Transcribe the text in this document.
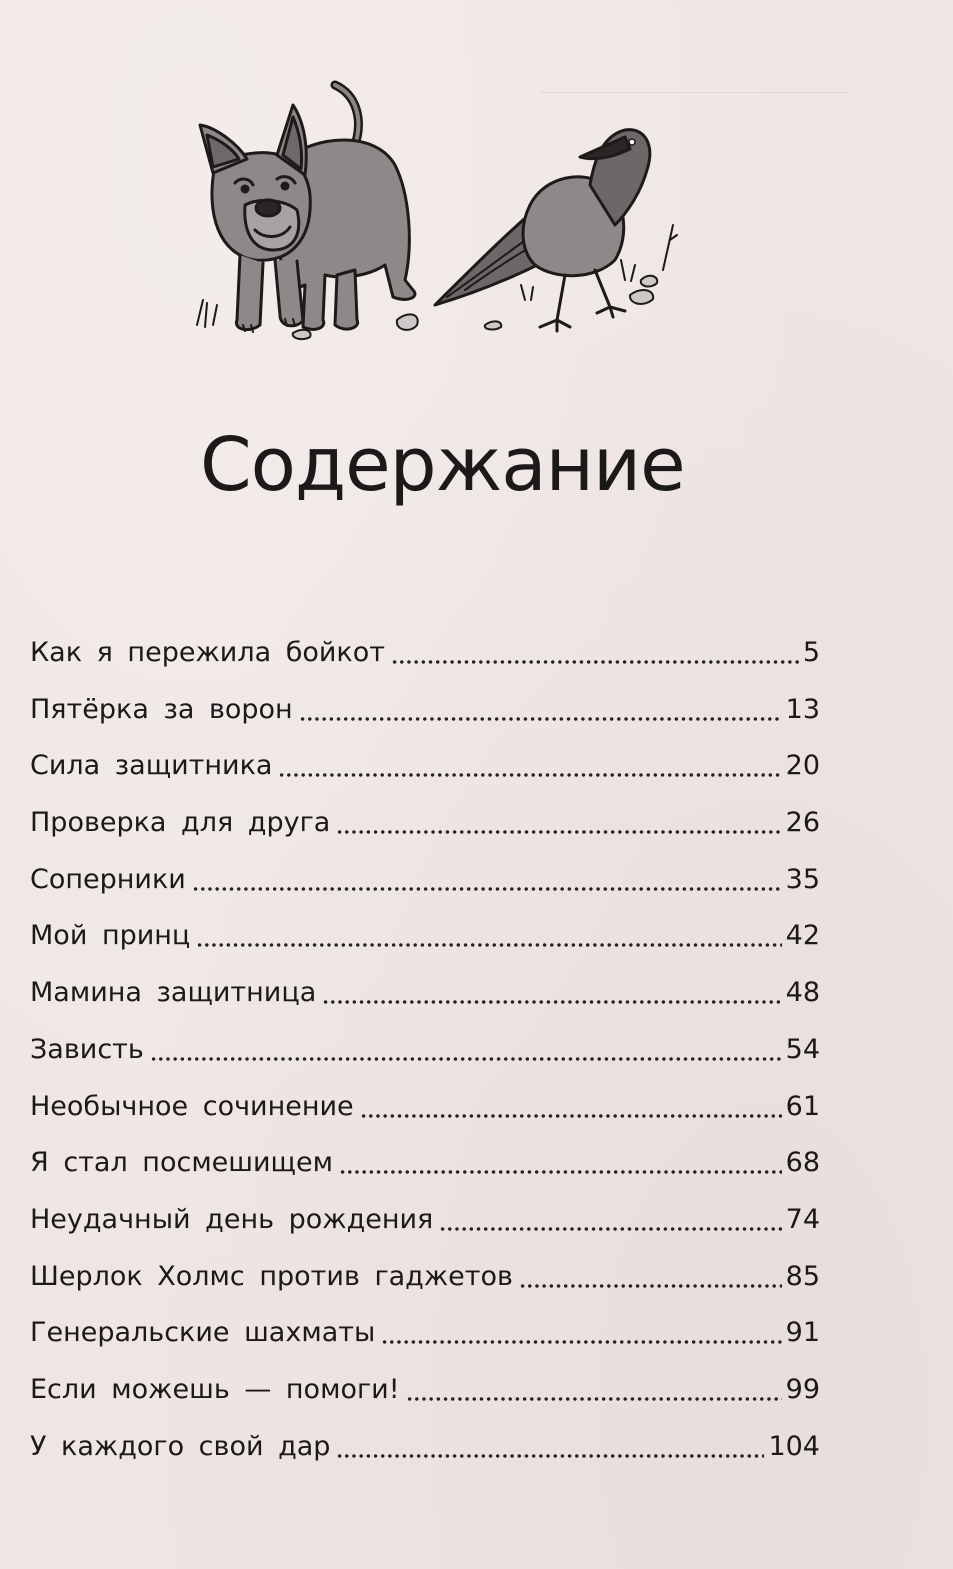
Содержание
Как я пережила бойкот	5
Пятёрка за ворон	13
Сила защитника	20
Проверка для друга	26
Соперники	35
Мой принц	42
Мамина защитница	48
Зависть	54
Необычное сочинение	61
Я стал посмешищем	68
Неудачный день рождения	74
Шерлок Холмс против гаджетов	85
Генеральские шахматы	91
Если можешь — помоги!	99
У каждого свой дар	104
